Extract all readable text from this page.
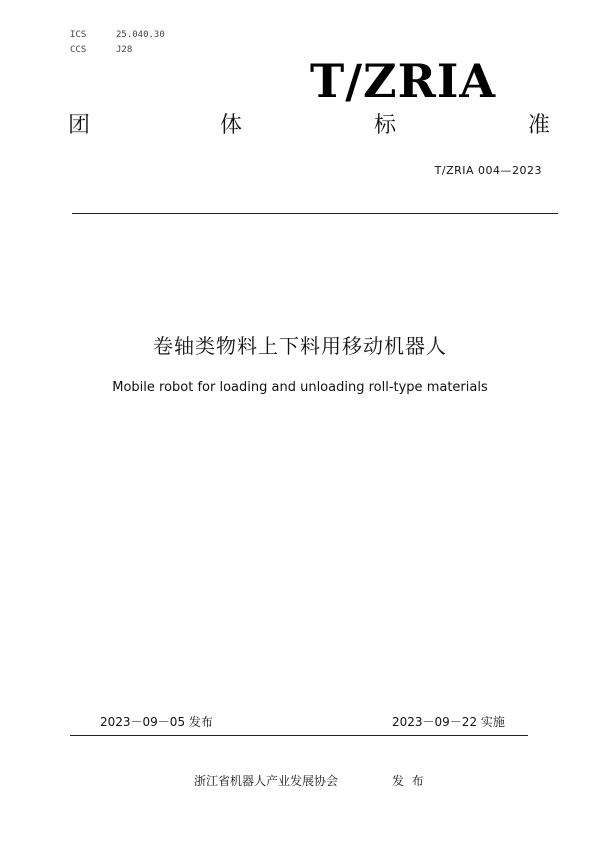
ICS	25.040.30
CCS	J28
T/ZRIA
团	体	标	准
T/ZRIA 004—2023
卷轴类物料上下料用移动机器人
Mobile robot for loading and unloading roll-type materials
2023－09－05 发布	2023－09－22 实施
浙江省机器人产业发展协会	发  布
